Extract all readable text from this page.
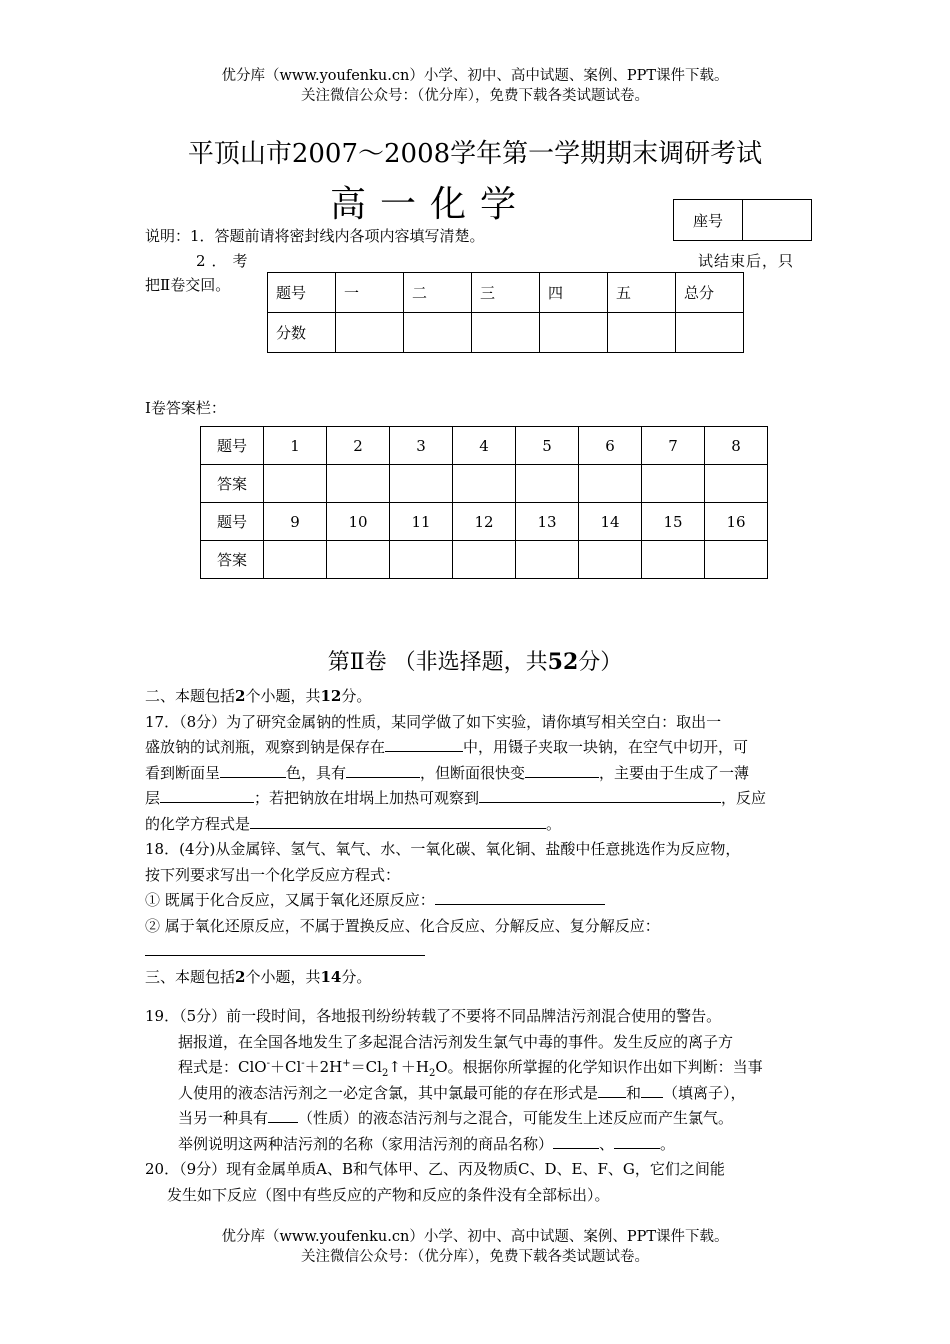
优分库（www.youfenku.cn）小学、初中、高中试题、案例、PPT课件下载。
关注微信公众号：（优分库），免费下载各类试题试卷。
平顶山市2007～2008学年第一学期期末调研考试
高一化学	座号	
说明：1．答题前请将密封线内各项内容填写清楚。
2．考	试结束后，只
把Ⅱ卷交回。	题号	一	二	三	四	五	总分
分数						
I卷答案栏：
题号	1	2	3	4	5	6	7	8
答案								
题号	9	10	11	12	13	14	15	16
答案								
第Ⅱ卷 （非选择题，共52分）
二、本题包括2个小题，共12分。
17．（8分）为了研究金属钠的性质，某同学做了如下实验，请你填写相关空白：取出一
盛放钠的试剂瓶，观察到钠是保存在	中，用镊子夹取一块钠，在空气中切开，可
看到断面呈	色，具有	，但断面很快变	，主要由于生成了一薄
层	；若把钠放在坩埚上加热可观察到	，反应
的化学方程式是	。
18．(4分)从金属锌、氢气、氧气、水、一氧化碳、氧化铜、盐酸中任意挑选作为反应物，
按下列要求写出一个化学反应方程式：
① 既属于化合反应，又属于氧化还原反应：
② 属于氧化还原反应，不属于置换反应、化合反应、分解反应、复分解反应：
三、本题包括2个小题，共14分。
19．（5分）前一段时间，各地报刊纷纷转载了不要将不同品牌洁污剂混合使用的警告。
据报道，在全国各地发生了多起混合洁污剂发生氯气中毒的事件。发生反应的离子方
程式是：$ClO^-+Cl^-+2H^+=Cl_2↑+H_2O$。根据你所掌握的化学知识作出如下判断：当事
人使用的液态洁污剂之一必定含氯，其中氯最可能的存在形式是 和 （填离子），
当另一种具有 （性质）的液态洁污剂与之混合，可能发生上述反应而产生氯气。
举例说明这两种洁污剂的名称（家用洁污剂的商品名称）	、	。
20．（9分）现有金属单质A、B和气体甲、乙、丙及物质C、D、E、F、G，它们之间能
发生如下反应（图中有些反应的产物和反应的条件没有全部标出）。
优分库（www.youfenku.cn）小学、初中、高中试题、案例、PPT课件下载。
关注微信公众号：（优分库），免费下载各类试题试卷。
